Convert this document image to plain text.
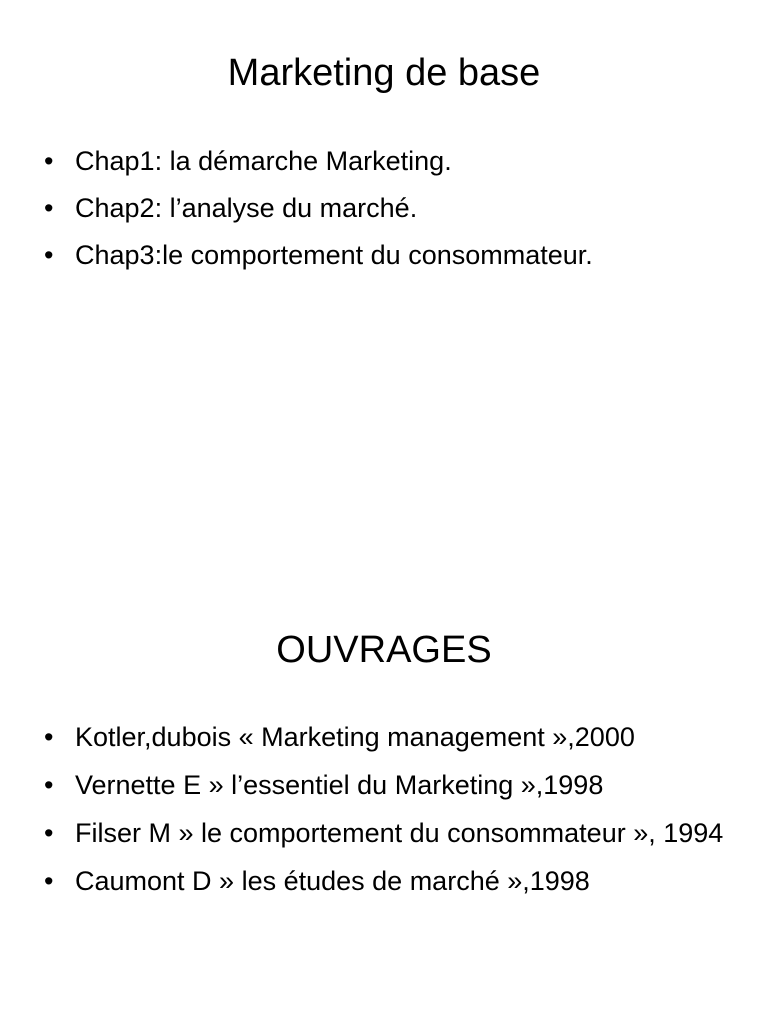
Marketing de base
• Chap1: la démarche Marketing.
• Chap2: l’analyse du marché.
• Chap3:le comportement du consommateur.
OUVRAGES
• Kotler,dubois « Marketing management »,2000
• Vernette E » l’essentiel du Marketing »,1998
• Filser M » le comportement du consommateur », 1994
• Caumont D » les études de marché »,1998
